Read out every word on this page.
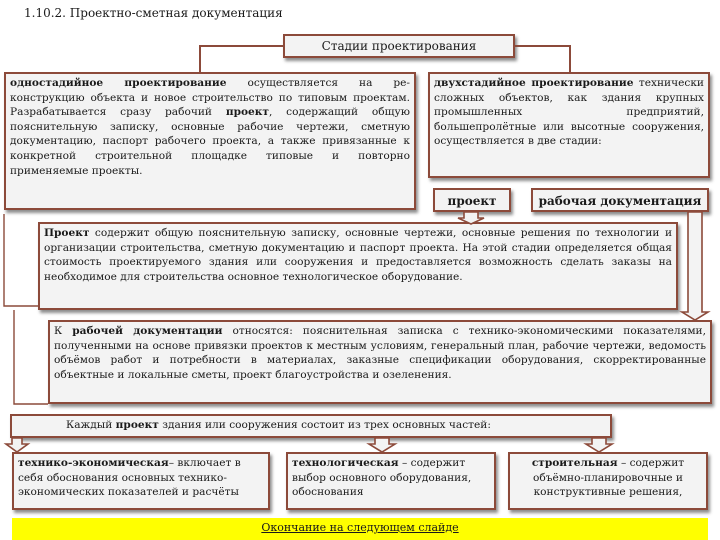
1.10.2. Проектно-сметная документация
Стадии проектирования
одностадийное проектирование осуществляется на реконструкцию объекта и новое строительство по типовым проектам. Разрабатывается сразу рабочий проект, содержащий общую пояснительную записку, основные рабочие чертежи, сметную документацию, паспорт рабочего проекта, а также привязанные к конкретной строительной площадке типовые и повторно применяемые проекты.
двухстадийное проектирование технически сложных объектов, как здания крупных промышленных предприятий, большепролётные или высотные сооружения, осуществляется в две стадии:
проект	рабочая документация
Проект содержит общую пояснительную записку, основные чертежи, основные решения по технологии и организации строительства, сметную документацию и паспорт проекта. На этой стадии определяется общая стоимость проектируемого здания или сооружения и предоставляется возможность сделать заказы на необходимое для строительства основное технологическое оборудование.
К рабочей документации относятся: пояснительная записка с технико-экономическими показателями, полученными на основе привязки проектов к местным условиям, генеральный план, рабочие чертежи, ведомость объёмов работ и потребности в материалах, заказные спецификации оборудования, скорректированные объектные и локальные сметы, проект благоустройства и озеленения.
Каждый проект здания или сооружения состоит из трех основных частей:
технико-экономическая– включает в себя обоснования основных технико-экономических показателей и расчёты
технологическая – содержит выбор основного оборудования, обоснования
строительная – содержит объёмно-планировочные и конструктивные решения,
Окончание на следующем слайде
